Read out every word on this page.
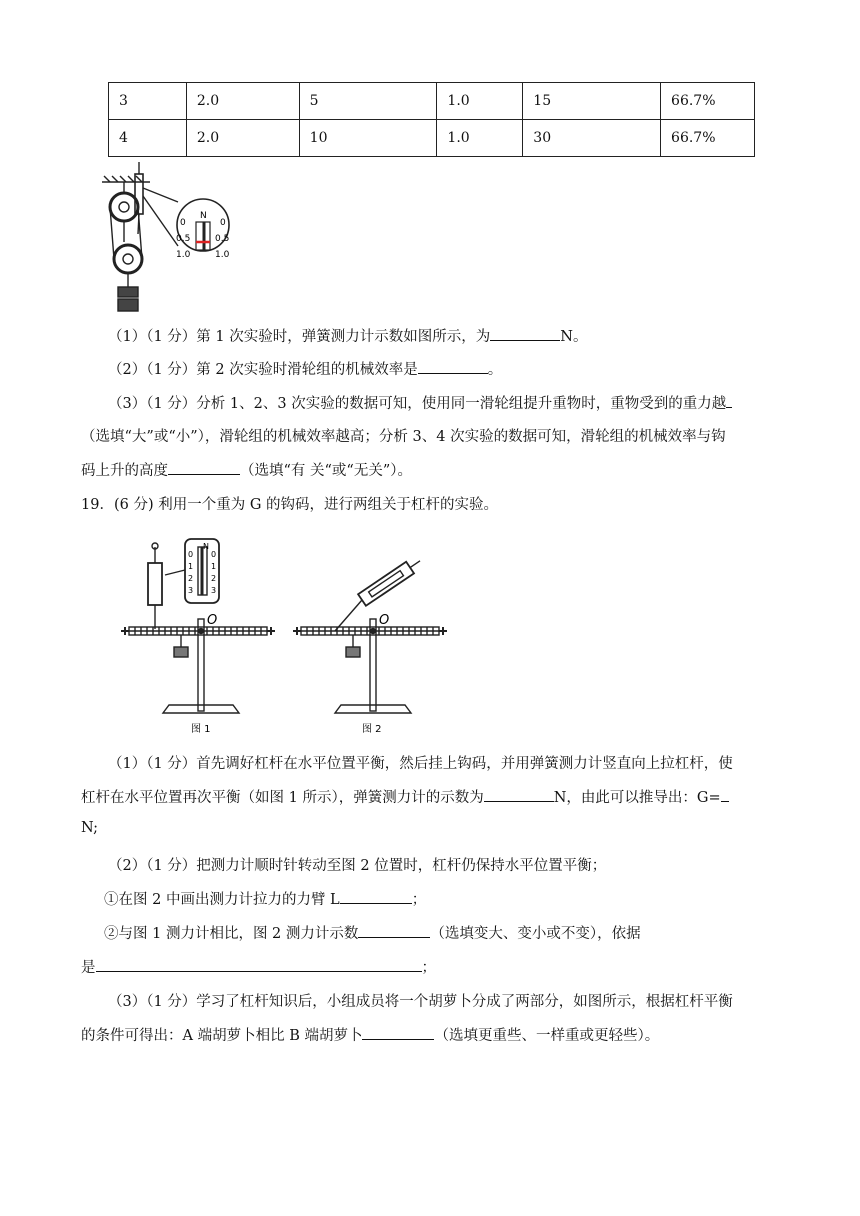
3	2.0	5	1.0	15	66.7%
4	2.0	10	1.0	30	66.7%
N
0
0.5
1.0
0
0.5
1.0
（1）（1 分）第 1 次实验时，弹簧测力计示数如图所示，为	N。
（2）（1 分）第 2 次实验时滑轮组的机械效率是	。
（3）（1 分）分析 1、2、3 次实验的数据可知，使用同一滑轮组提升重物时，重物受到的重力越
（选填“大”或“小”），滑轮组的机械效率越高；分析 3、4 次实验的数据可知，滑轮组的机械效率与钩
码上升的高度	（选填“有 关“或“无关”）。
19．(6 分) 利用一个重为 G 的钩码，进行两组关于杠杆的实验。
N
0
1
2
3
0
1
2
3
O	O
图 1	图 2
（1）（1 分）首先调好杠杆在水平位置平衡，然后挂上钩码，并用弹簧测力计竖直向上拉杠杆，使
杠杆在水平位置再次平衡（如图 1 所示），弹簧测力计的示数为	N，由此可以推导出：G=
N;
（2）（1 分）把测力计顺时针转动至图 2 位置时，杠杆仍保持水平位置平衡；
①在图 2 中画出测力计拉力的力臂 L	；
②与图 1 测力计相比，图 2 测力计示数	（选填变大、变小或不变），依据
是	；
（3）（1 分）学习了杠杆知识后，小组成员将一个胡萝卜分成了两部分，如图所示，根据杠杆平衡
的条件可得出：A 端胡萝卜相比 B 端胡萝卜	（选填更重些、一样重或更轻些）。
